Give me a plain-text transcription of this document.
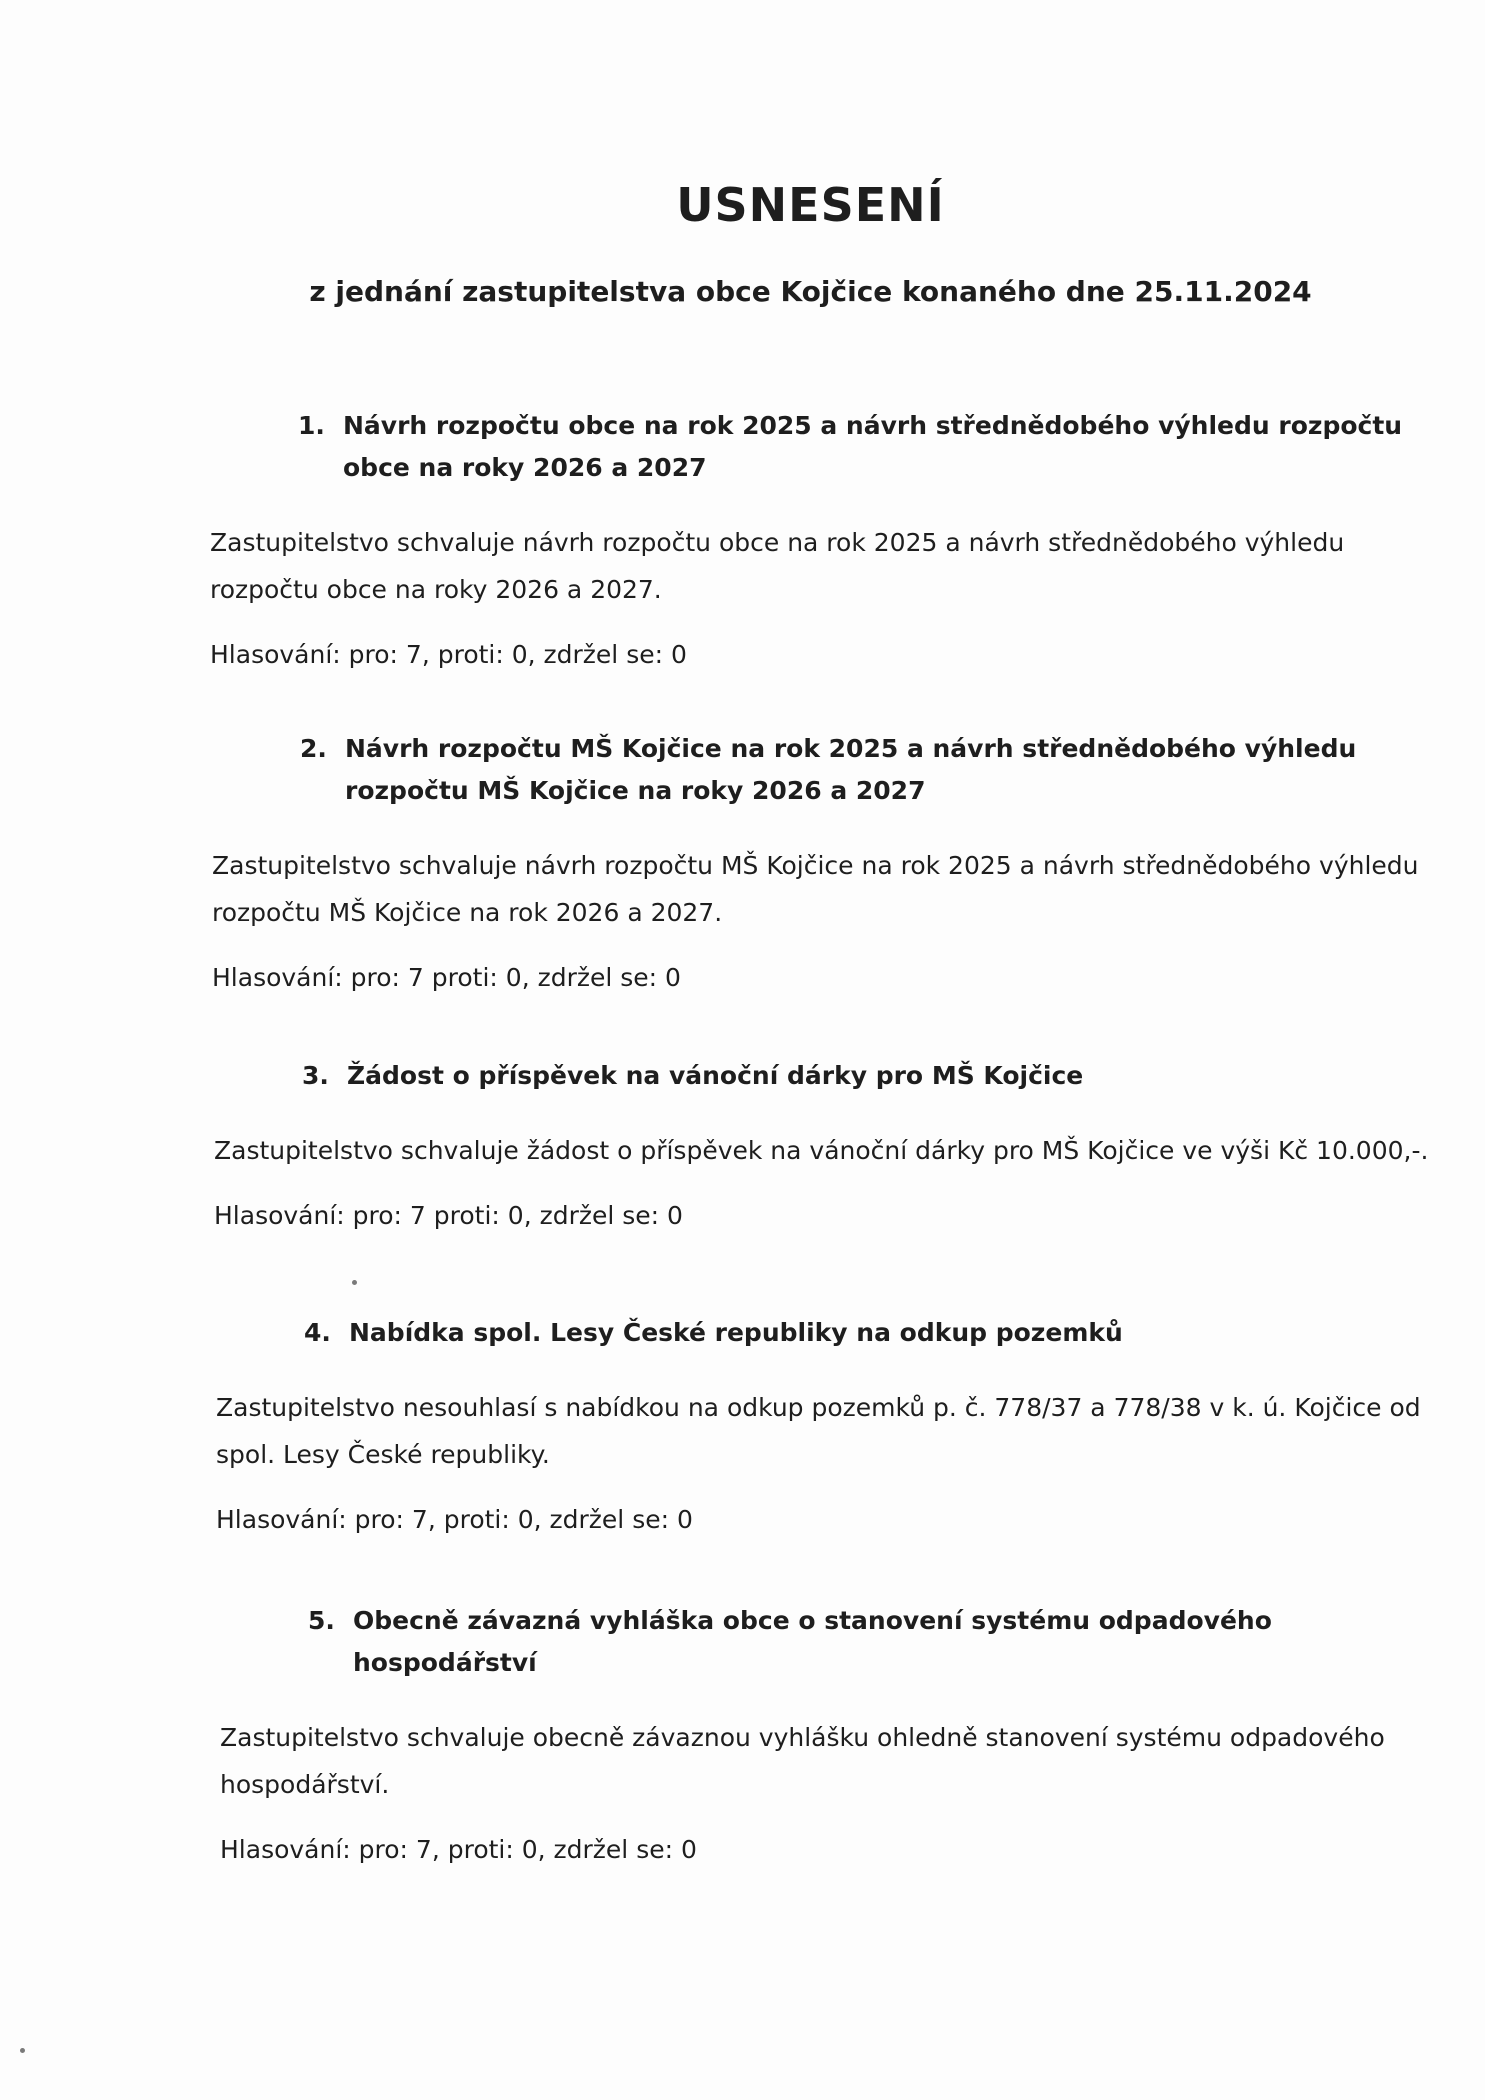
USNESENÍ
z jednání zastupitelstva obce Kojčice konaného dne 25.11.2024
1. Návrh rozpočtu obce na rok 2025 a návrh střednědobého výhledu rozpočtu obce na roky 2026 a 2027
Zastupitelstvo schvaluje návrh rozpočtu obce na rok 2025 a návrh střednědobého výhledu rozpočtu obce na roky 2026 a 2027.
Hlasování: pro: 7, proti: 0, zdržel se: 0
2. Návrh rozpočtu MŠ Kojčice na rok 2025 a návrh střednědobého výhledu rozpočtu MŠ Kojčice na roky 2026 a 2027
Zastupitelstvo schvaluje návrh rozpočtu MŠ Kojčice na rok 2025 a návrh střednědobého výhledu rozpočtu MŠ Kojčice na rok 2026 a 2027.
Hlasování: pro: 7 proti: 0, zdržel se: 0
3. Žádost o příspěvek na vánoční dárky pro MŠ Kojčice
Zastupitelstvo schvaluje žádost o příspěvek na vánoční dárky pro MŠ Kojčice ve výši Kč 10.000,-.
Hlasování: pro: 7 proti: 0, zdržel se: 0
4. Nabídka spol. Lesy České republiky na odkup pozemků
Zastupitelstvo nesouhlasí s nabídkou na odkup pozemků p. č. 778/37 a 778/38 v k. ú. Kojčice od spol. Lesy České republiky.
Hlasování: pro: 7, proti: 0, zdržel se: 0
5. Obecně závazná vyhláška obce o stanovení systému odpadového hospodářství
Zastupitelstvo schvaluje obecně závaznou vyhlášku ohledně stanovení systému odpadového hospodářství.
Hlasování: pro: 7, proti: 0, zdržel se: 0
